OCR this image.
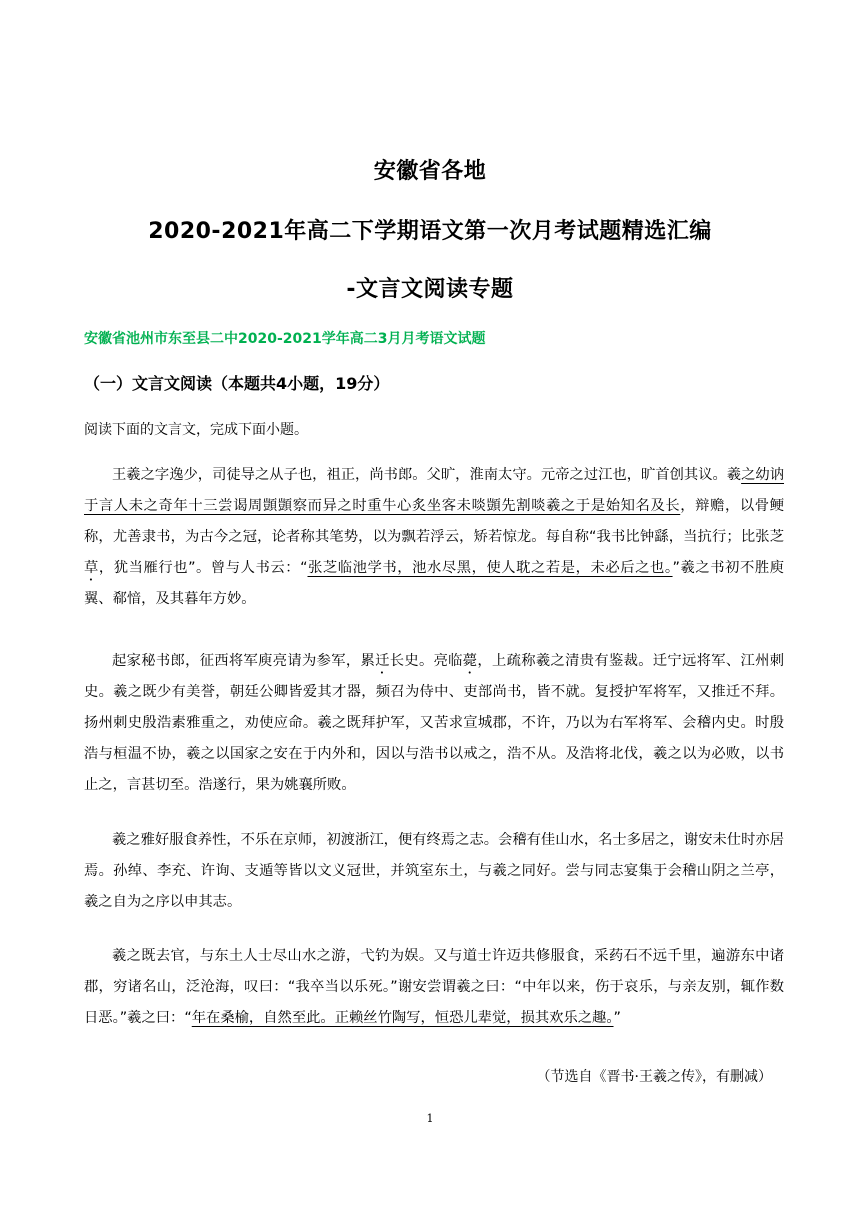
安徽省各地
2020-2021年高二下学期语文第一次月考试题精选汇编
-文言文阅读专题
安徽省池州市东至县二中2020-2021学年高二3月月考语文试题
（一）文言文阅读（本题共4小题，19分）
阅读下面的文言文，完成下面小题。
王羲之字逸少，司徒导之从子也，祖正，尚书郎。父旷，淮南太守。元帝之过江也，旷首创其议。羲之幼讷于言人未之奇年十三尝谒周顗顗察而异之时重牛心炙坐客未啖顗先割啖羲之于是始知名及长，辩赡，以骨鲠称，尤善隶书，为古今之冠，论者称其笔势，以为飘若浮云，矫若惊龙。每自称“我书比钟繇，当抗行；比张芝草，犹当雁行也”。曾与人书云：“张芝临池学书，池水尽黑，使人耽之若是，未必后之也。”羲之书初不胜庾翼、郗愔，及其暮年方妙。
起家秘书郎，征西将军庾亮请为参军，累迁长史。亮临薨，上疏称羲之清贵有鉴裁。迁宁远将军、江州刺史。羲之既少有美誉，朝廷公卿皆爱其才器，频召为侍中、吏部尚书，皆不就。复授护军将军，又推迁不拜。扬州刺史殷浩素雅重之，劝使应命。羲之既拜护军，又苦求宣城郡，不许，乃以为右军将军、会稽内史。时殷浩与桓温不协，羲之以国家之安在于内外和，因以与浩书以戒之，浩不从。及浩将北伐，羲之以为必败，以书止之，言甚切至。浩遂行，果为姚襄所败。
羲之雅好服食养性，不乐在京师，初渡浙江，便有终焉之志。会稽有佳山水，名士多居之，谢安未仕时亦居焉。孙绰、李充、许询、支遁等皆以文义冠世，并筑室东土，与羲之同好。尝与同志宴集于会稽山阴之兰亭，羲之自为之序以申其志。
羲之既去官，与东土人士尽山水之游，弋钓为娱。又与道士许迈共修服食，采药石不远千里，遍游东中诸郡，穷诸名山，泛沧海，叹曰：“我卒当以乐死。”谢安尝谓羲之曰：“中年以来，伤于哀乐，与亲友别，辄作数日恶。”羲之曰：“年在桑榆，自然至此。正赖丝竹陶写，恒恐儿辈觉，损其欢乐之趣。”
（节选自《晋书·王羲之传》，有删减）
1
